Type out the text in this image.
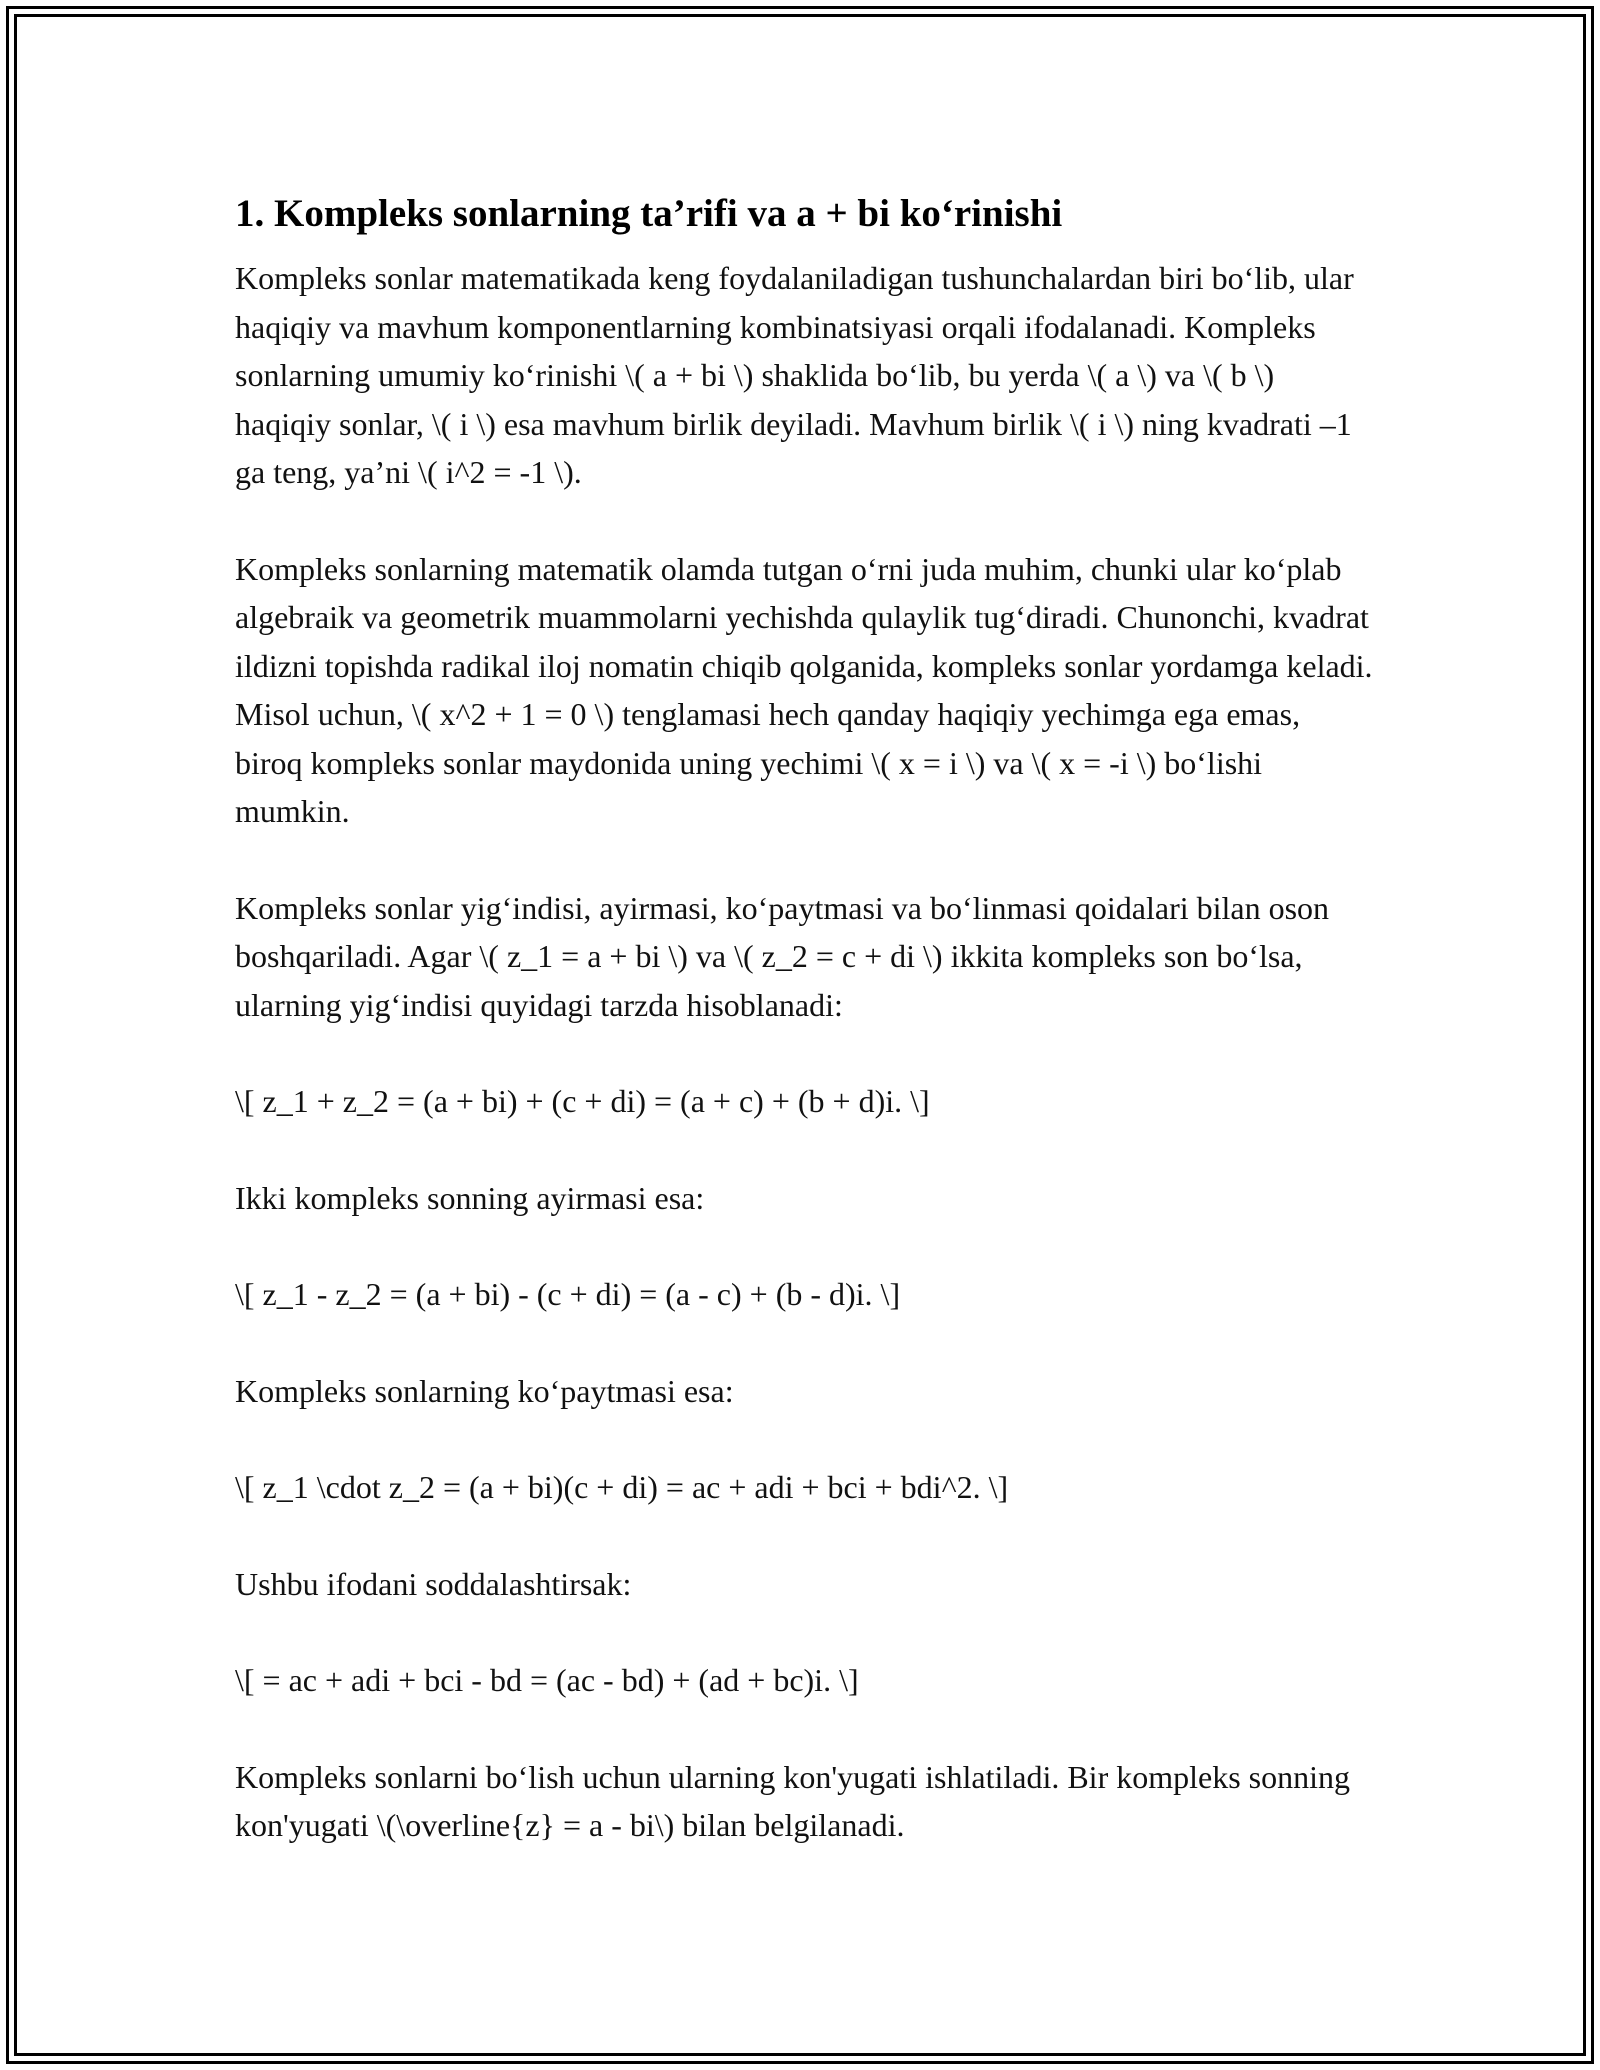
1. Kompleks sonlarning ta’rifi va a + bi ko‘rinishi

Kompleks sonlar matematikada keng foydalaniladigan tushunchalardan biri bo‘lib, ular haqiqiy va mavhum komponentlarning kombinatsiyasi orqali ifodalanadi. Kompleks sonlarning umumiy ko‘rinishi \( a + bi \) shaklida bo‘lib, bu yerda \( a \) va \( b \) haqiqiy sonlar, \( i \) esa mavhum birlik deyiladi. Mavhum birlik \( i \) ning kvadrati –1 ga teng, ya’ni \( i^2 = -1 \).

Kompleks sonlarning matematik olamda tutgan o‘rni juda muhim, chunki ular ko‘plab algebraik va geometrik muammolarni yechishda qulaylik tug‘diradi. Chunonchi, kvadrat ildizni topishda radikal iloj nomatin chiqib qolganida, kompleks sonlar yordamga keladi. Misol uchun, \( x^2 + 1 = 0 \) tenglamasi hech qanday haqiqiy yechimga ega emas, biroq kompleks sonlar maydonida uning yechimi \( x = i \) va \( x = -i \) bo‘lishi mumkin.

Kompleks sonlar yig‘indisi, ayirmasi, ko‘paytmasi va bo‘linmasi qoidalari bilan oson boshqariladi. Agar \( z_1 = a + bi \) va \( z_2 = c + di \) ikkita kompleks son bo‘lsa, ularning yig‘indisi quyidagi tarzda hisoblanadi:

\[ z_1 + z_2 = (a + bi) + (c + di) = (a + c) + (b + d)i. \]

Ikki kompleks sonning ayirmasi esa:

\[ z_1 - z_2 = (a + bi) - (c + di) = (a - c) + (b - d)i. \]

Kompleks sonlarning ko‘paytmasi esa:

\[ z_1 \cdot z_2 = (a + bi)(c + di) = ac + adi + bci + bdi^2. \]

Ushbu ifodani soddalashtirsak:

\[ = ac + adi + bci - bd = (ac - bd) + (ad + bc)i. \]

Kompleks sonlarni bo‘lish uchun ularning kon'yugati ishlatiladi. Bir kompleks sonning kon'yugati \(\overline{z} = a - bi\) bilan belgilanadi.
